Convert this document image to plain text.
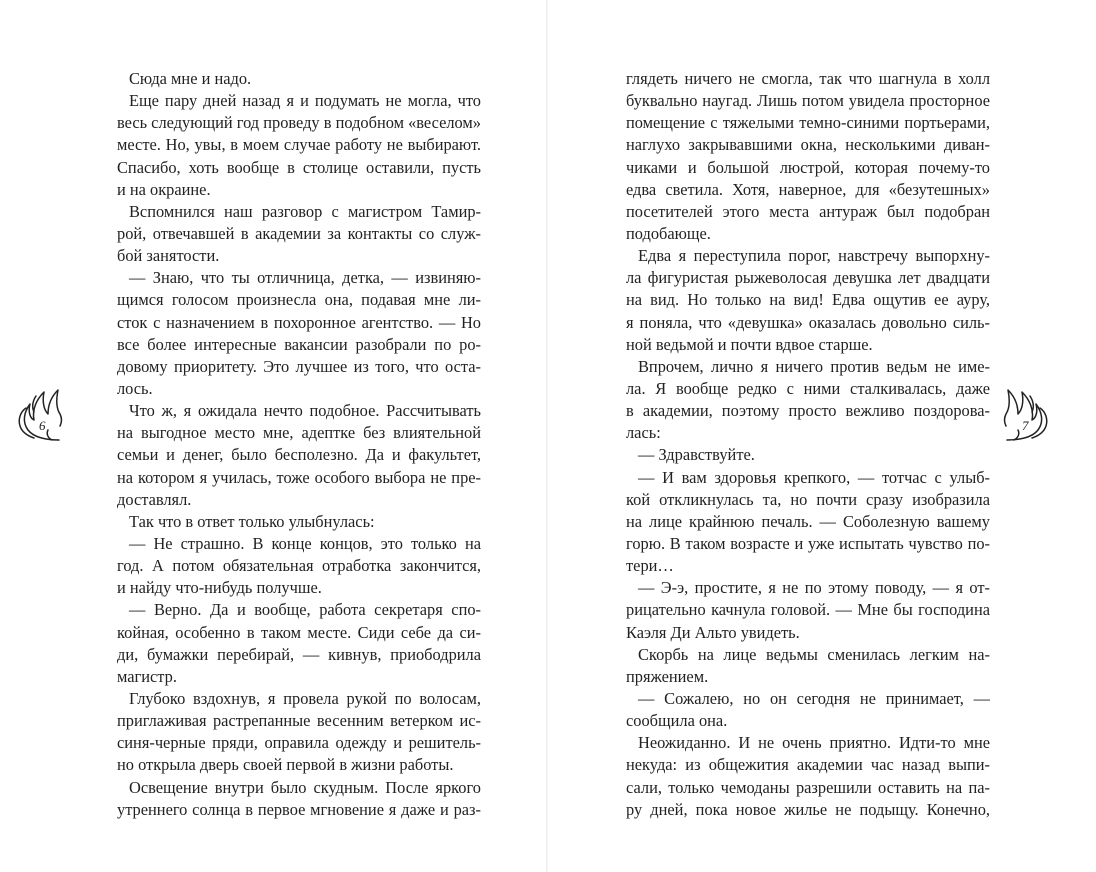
Сюда мне и надо.
Еще пару дней назад я и подумать не могла, что
весь следующий год проведу в подобном «веселом»
месте. Но, увы, в моем случае работу не выбирают.
Спасибо, хоть вообще в столице оставили, пусть
и на окраине.
Вспомнился наш разговор с магистром Тамир-
рой, отвечавшей в академии за контакты со служ-
бой занятости.
— Знаю, что ты отличница, детка, — извиняю-
щимся голосом произнесла она, подавая мне ли-
сток с назначением в похоронное агентство. — Но
все более интересные вакансии разобрали по ро-
довому приоритету. Это лучшее из того, что оста-
лось.
Что ж, я ожидала нечто подобное. Рассчитывать
на выгодное место мне, адептке без влиятельной
семьи и денег, было бесполезно. Да и факультет,
на котором я училась, тоже особого выбора не пре-
доставлял.
Так что в ответ только улыбнулась:
— Не страшно. В конце концов, это только на
год. А потом обязательная отработка закончится,
и найду что-нибудь получше.
— Верно. Да и вообще, работа секретаря спо-
койная, особенно в таком месте. Сиди себе да си-
ди, бумажки перебирай, — кивнув, приободрила
магистр.
Глубоко вздохнув, я провела рукой по волосам,
приглаживая растрепанные весенним ветерком ис-
синя-черные пряди, оправила одежду и решитель-
но открыла дверь своей первой в жизни работы.
Освещение внутри было скудным. После яркого
утреннего солнца в первое мгновение я даже и раз-
глядеть ничего не смогла, так что шагнула в холл
буквально наугад. Лишь потом увидела просторное
помещение с тяжелыми темно-синими портьерами,
наглухо закрывавшими окна, несколькими диван-
чиками и большой люстрой, которая почему-то
едва светила. Хотя, наверное, для «безутешных»
посетителей этого места антураж был подобран
подобающе.
Едва я переступила порог, навстречу выпорхну-
ла фигуристая рыжеволосая девушка лет двадцати
на вид. Но только на вид! Едва ощутив ее ауру,
я поняла, что «девушка» оказалась довольно силь-
ной ведьмой и почти вдвое старше.
Впрочем, лично я ничего против ведьм не име-
ла. Я вообще редко с ними сталкивалась, даже
в академии, поэтому просто вежливо поздорова-
лась:
— Здравствуйте.
— И вам здоровья крепкого, — тотчас с улыб-
кой откликнулась та, но почти сразу изобразила
на лице крайнюю печаль. — Соболезную вашему
горю. В таком возрасте и уже испытать чувство по-
тери…
— Э-э, простите, я не по этому поводу, — я от-
рицательно качнула головой. — Мне бы господина
Каэля Ди Альто увидеть.
Скорбь на лице ведьмы сменилась легким на-
пряжением.
— Сожалею, но он сегодня не принимает, —
сообщила она.
Неожиданно. И не очень приятно. Идти-то мне
некуда: из общежития академии час назад выпи-
сали, только чемоданы разрешили оставить на па-
ру дней, пока новое жилье не подыщу. Конечно,
6	7
